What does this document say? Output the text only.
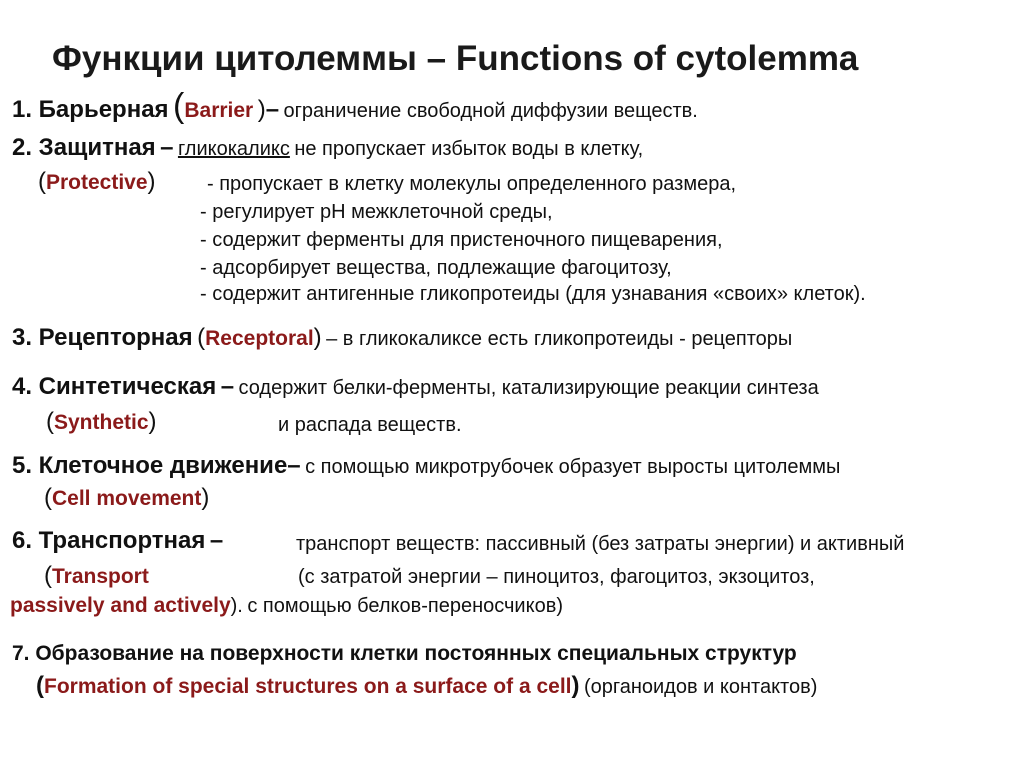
Функции цитолеммы – Functions of cytolemma
1. Барьерная (Barrier )– ограничение свободной диффузии веществ.
2. Защитная – гликокаликс не пропускает избыток воды в клетку,
(Protective)	- пропускает в клетку молекулы определенного размера,
- регулирует pH межклеточной среды,
- содержит ферменты для пристеночного пищеварения,
- адсорбирует вещества, подлежащие фагоцитозу,
- содержит антигенные гликопротеиды (для узнавания «своих» клеток).
3. Рецепторная (Receptoral) – в гликокаликсе есть гликопротеиды - рецепторы
4. Синтетическая – содержит белки-ферменты, катализирующие реакции синтеза
(Synthetic)	и распада веществ.
5. Клеточное движение– с помощью микротрубочек образует выросты цитолеммы
(Cell movement)
6. Транспортная –	транспорт веществ: пассивный (без затраты энергии) и активный
(Transport	(с затратой энергии – пиноцитоз, фагоцитоз, экзоцитоз,
passively and actively). с помощью белков-переносчиков)
7. Образование на поверхности клетки постоянных специальных структур
(Formation of special structures on a surface of a cell) (органоидов и контактов)
